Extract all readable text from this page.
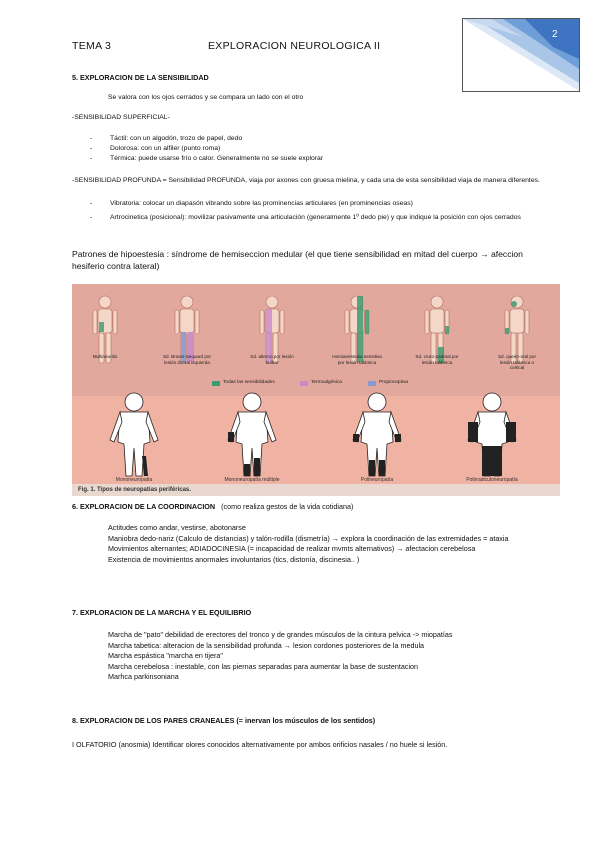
TEMA 3	EXPLORACION NEUROLOGICA II
2
5. EXPLORACION DE LA SENSIBILIDAD
Se valora con los ojos cerrados y se compara un lado con el otro
-SENSIBILIDAD SUPERFICIAL-
-	Táctil: con un algodón, trozo de papel, dedo
-	Dolorosa: con un alfiler (punto roma)
-	Térmica: puede usarse frío o calor. Generalmente no se suele explorar
-SENSIBILIDAD PROFUNDA = Sensibilidad PROFUNDA, viaja por axones con gruesa mielina, y cada una de esta sensibilidad viaja de manera diferentes.
-	Vibratoria: colocar un diapasón vibrando sobre las prominencias articulares (en prominencias oseas)
-	Artrocinetica (posicional): movilizar pasivamente una articulación (generalmente 1º dedo pie) y que indique la posición con ojos cerrados
Patrones de hipoestesia : síndrome de hemiseccion medular (el que tiene sensibilidad en mitad del cuerpo → afeccion hesiferio contra lateral)
Multineuritis	Sd. Brown-Sequard por lesión dorsal izquierda
Sd. alterno por lesión bulbar
Hemianestesia sensitiva por lesión talámica
Sd. cruro-parietal por lesión talámica
Sd. queiro-oral por lesión talámica o cortical
Todas las sensibilidades	Termoalgésica	Propioceptiva
Mononeuropatía	Mononeuropatía múltiple	Polineuropatía	Polirradiculoneuropatía
Fig. 1. Tipos de neuropatías periféricas.
6. EXPLORACION DE LA COORDINACION (como realiza gestos de la vida cotidiana)
Actitudes como andar, vestirse, abotonarse
Maniobra dedo-nariz (Calculo de distancias) y talón-rodilla (dismetría) → explora la coordinación de las extremidades = ataxia
Movimientos alternantes; ADIADOCINESIA (= incapacidad de realizar mvmts alternativos) → afectacion cerebelosa
Existencia de movimientos anormales involuntarios (tics, distonía, discinesia.. )
7. EXPLORACION DE LA MARCHA Y EL EQUILIBRIO
Marcha de "pato" debilidad de erectores del tronco y de grandes músculos de la cintura pelvica -> miopatías
Marcha tabetica: alteracion de la sensibilidad profunda → lesion cordones posteriores de la medula
Marcha espástica "marcha en tijera"
Marcha cerebelosa : inestable, con las piernas separadas para aumentar la base de sustentacion
Marhca parkinsoniana
8. EXPLORACION DE LOS PARES CRANEALES (= inervan los músculos de los sentidos)
I OLFATORIO (anosmia) Identificar olores conocidos alternativamente por ambos orificios nasales / no huele si lesión.
